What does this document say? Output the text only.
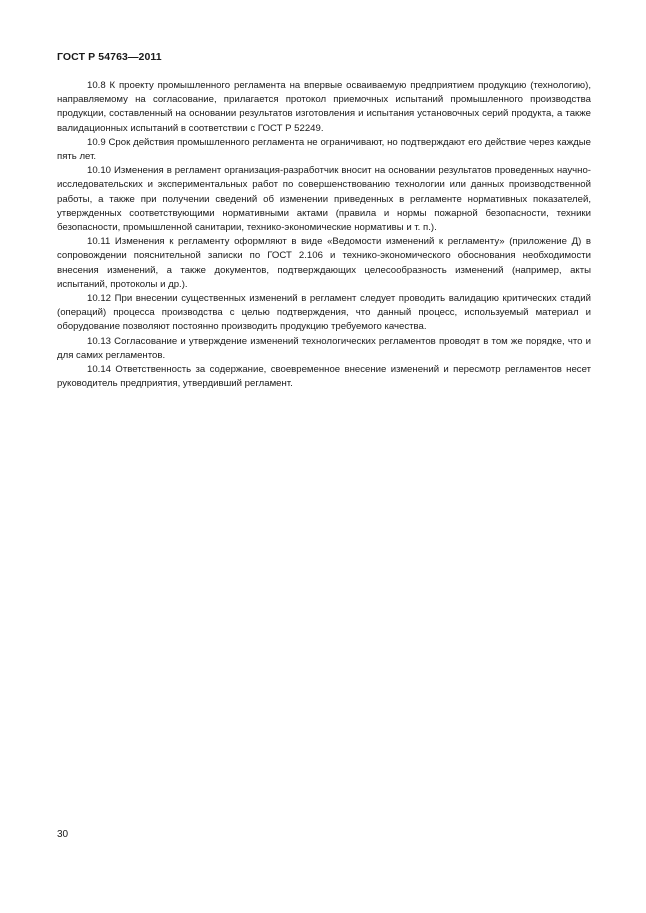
ГОСТ Р 54763—2011

10.8 К проекту промышленного регламента на впервые осваиваемую предприятием продукцию (технологию), направляемому на согласование, прилагается протокол приемочных испытаний промышленного производства продукции, составленный на основании результатов изготовления и испытания установочных серий продукта, а также валидационных испытаний в соответствии с ГОСТ Р 52249.

10.9 Срок действия промышленного регламента не ограничивают, но подтверждают его действие через каждые пять лет.

10.10 Изменения в регламент организация-разработчик вносит на основании результатов проведенных научно-исследовательских и экспериментальных работ по совершенствованию технологии или данных производственной работы, а также при получении сведений об изменении приведенных в регламенте нормативных показателей, утвержденных соответствующими нормативными актами (правила и нормы пожарной безопасности, техники безопасности, промышленной санитарии, технико-экономические нормативы и т. п.).

10.11 Изменения к регламенту оформляют в виде «Ведомости изменений к регламенту» (приложение Д) в сопровождении пояснительной записки по ГОСТ 2.106 и технико-экономического обоснования необходимости внесения изменений, а также документов, подтверждающих целесообразность изменений (например, акты испытаний, протоколы и др.).

10.12 При внесении существенных изменений в регламент следует проводить валидацию критических стадий (операций) процесса производства с целью подтверждения, что данный процесс, используемый материал и оборудование позволяют постоянно производить продукцию требуемого качества.

10.13 Согласование и утверждение изменений технологических регламентов проводят в том же порядке, что и для самих регламентов.

10.14 Ответственность за содержание, своевременное внесение изменений и пересмотр регламентов несет руководитель предприятия, утвердивший регламент.

30
